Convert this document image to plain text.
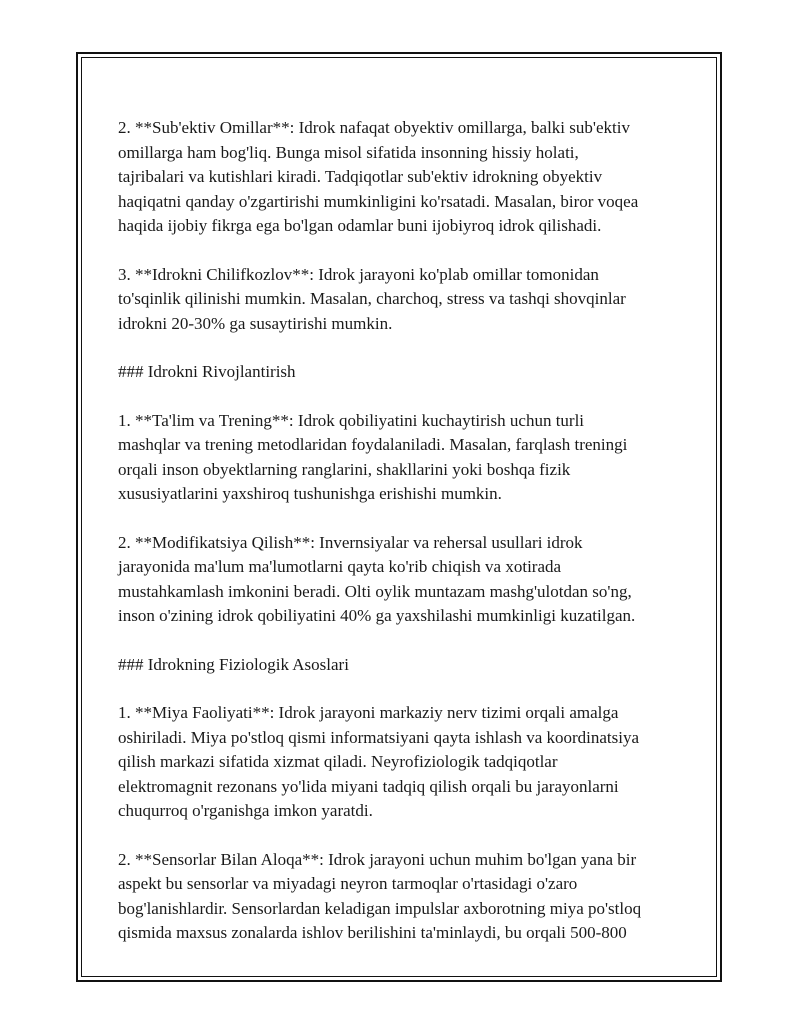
2. **Sub'ektiv Omillar**: Idrok nafaqat obyektiv omillarga, balki sub'ektiv
omillarga ham bog'liq. Bunga misol sifatida insonning hissiy holati,
tajribalari va kutishlari kiradi. Tadqiqotlar sub'ektiv idrokning obyektiv
haqiqatni qanday o'zgartirishi mumkinligini ko'rsatadi. Masalan, biror voqea
haqida ijobiy fikrga ega bo'lgan odamlar buni ijobiyroq idrok qilishadi.

3. **Idrokni Chilifkozlov**: Idrok jarayoni ko'plab omillar tomonidan
to'sqinlik qilinishi mumkin. Masalan, charchoq, stress va tashqi shovqinlar
idrokni 20-30% ga susaytirishi mumkin.

### Idrokni Rivojlantirish

1. **Ta'lim va Trening**: Idrok qobiliyatini kuchaytirish uchun turli
mashqlar va trening metodlaridan foydalaniladi. Masalan, farqlash treningi
orqali inson obyektlarning ranglarini, shakllarini yoki boshqa fizik
xususiyatlarini yaxshiroq tushunishga erishishi mumkin.

2. **Modifikatsiya Qilish**: Invernsiyalar va rehersal usullari idrok
jarayonida ma'lum ma'lumotlarni qayta ko'rib chiqish va xotirada
mustahkamlash imkonini beradi. Olti oylik muntazam mashg'ulotdan so'ng,
inson o'zining idrok qobiliyatini 40% ga yaxshilashi mumkinligi kuzatilgan.

### Idrokning Fiziologik Asoslari

1. **Miya Faoliyati**: Idrok jarayoni markaziy nerv tizimi orqali amalga
oshiriladi. Miya po'stloq qismi informatsiyani qayta ishlash va koordinatsiya
qilish markazi sifatida xizmat qiladi. Neyrofiziologik tadqiqotlar
elektromagnit rezonans yo'lida miyani tadqiq qilish orqali bu jarayonlarni
chuqurroq o'rganishga imkon yaratdi.

2. **Sensorlar Bilan Aloqa**: Idrok jarayoni uchun muhim bo'lgan yana bir
aspekt bu sensorlar va miyadagi neyron tarmoqlar o'rtasidagi o'zaro
bog'lanishlardir. Sensorlardan keladigan impulslar axborotning miya po'stloq
qismida maxsus zonalarda ishlov berilishini ta'minlaydi, bu orqali 500-800
